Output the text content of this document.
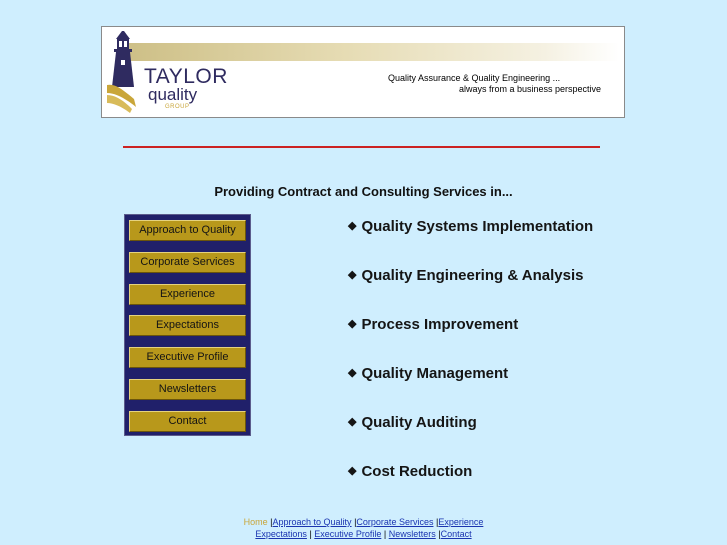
TAYLOR
quality
GROUP
Quality Assurance & Quality Engineering ...
always from a business perspective
Providing Contract and Consulting Services in...
Approach to Quality
Corporate Services
Experience
Expectations
Executive Profile
Newsletters
Contact
◆ Quality Systems Implementation
◆ Quality Engineering & Analysis
◆ Process Improvement
◆ Quality Management
◆ Quality Auditing
◆ Cost Reduction
Home |Approach to Quality |Corporate Services |Experience
Expectations | Executive Profile | Newsletters |Contact
